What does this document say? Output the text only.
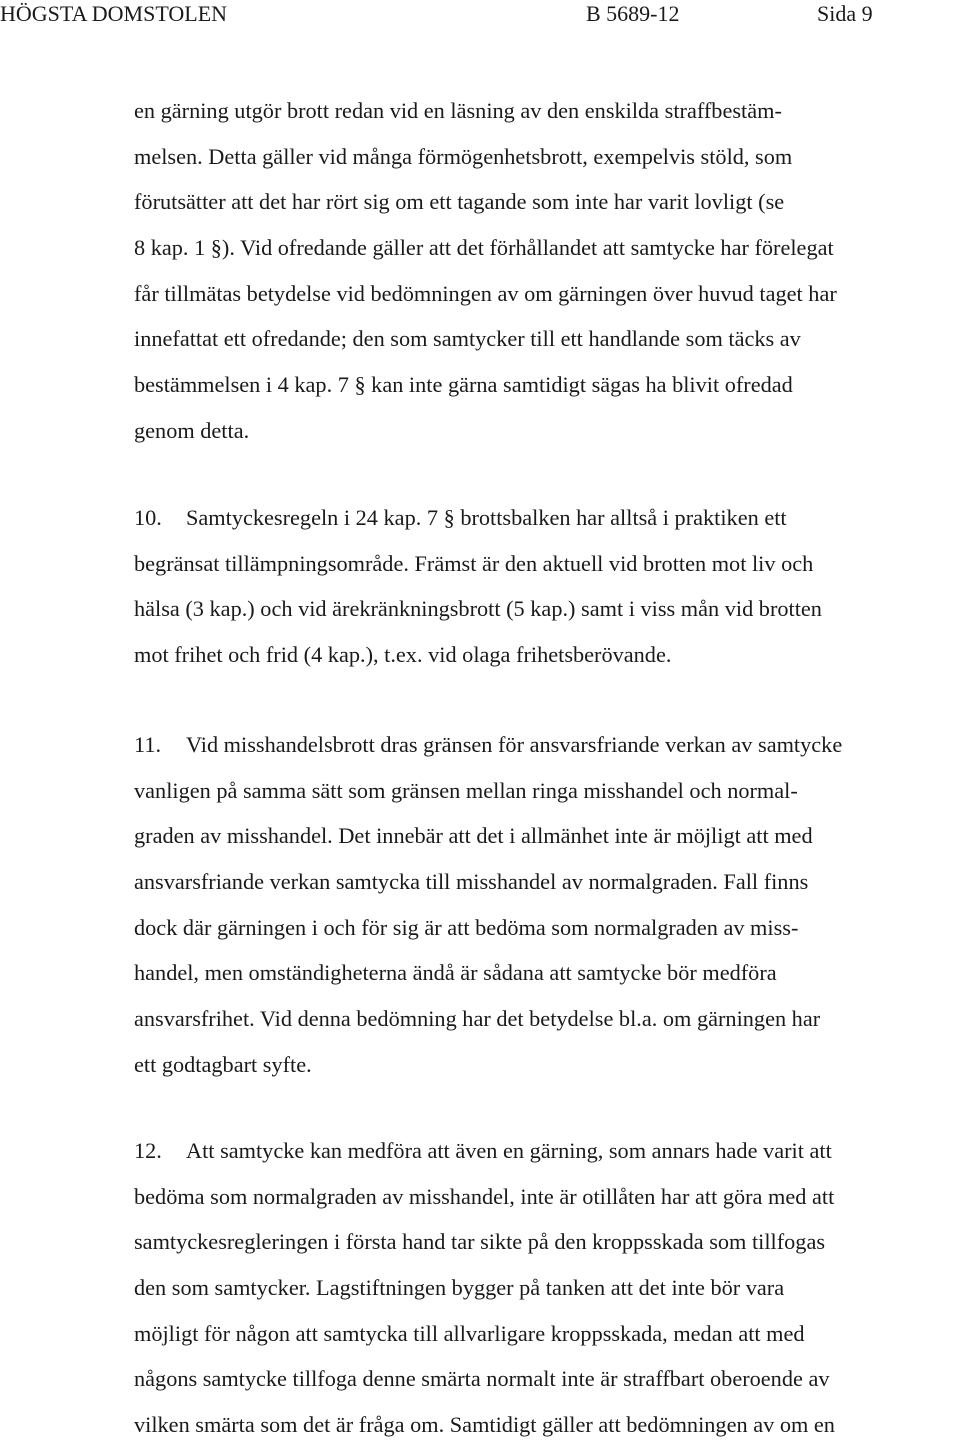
HÖGSTA DOMSTOLEN	B 5689-12	Sida 9
en gärning utgör brott redan vid en läsning av den enskilda straffbestäm-
melsen. Detta gäller vid många förmögenhetsbrott, exempelvis stöld, som
förutsätter att det har rört sig om ett tagande som inte har varit lovligt (se
8 kap. 1 §). Vid ofredande gäller att det förhållandet att samtycke har förelegat
får tillmätas betydelse vid bedömningen av om gärningen över huvud taget har
innefattat ett ofredande; den som samtycker till ett handlande som täcks av
bestämmelsen i 4 kap. 7 § kan inte gärna samtidigt sägas ha blivit ofredad
genom detta.
10. Samtyckesregeln i 24 kap. 7 § brottsbalken har alltså i praktiken ett
begränsat tillämpningsområde. Främst är den aktuell vid brotten mot liv och
hälsa (3 kap.) och vid ärekränkningsbrott (5 kap.) samt i viss mån vid brotten
mot frihet och frid (4 kap.), t.ex. vid olaga frihetsberövande.
11. Vid misshandelsbrott dras gränsen för ansvarsfriande verkan av samtycke
vanligen på samma sätt som gränsen mellan ringa misshandel och normal-
graden av misshandel. Det innebär att det i allmänhet inte är möjligt att med
ansvarsfriande verkan samtycka till misshandel av normalgraden. Fall finns
dock där gärningen i och för sig är att bedöma som normalgraden av miss-
handel, men omständigheterna ändå är sådana att samtycke bör medföra
ansvarsfrihet. Vid denna bedömning har det betydelse bl.a. om gärningen har
ett godtagbart syfte.
12. Att samtycke kan medföra att även en gärning, som annars hade varit att
bedöma som normalgraden av misshandel, inte är otillåten har att göra med att
samtyckesregleringen i första hand tar sikte på den kroppsskada som tillfogas
den som samtycker. Lagstiftningen bygger på tanken att det inte bör vara
möjligt för någon att samtycka till allvarligare kroppsskada, medan att med
någons samtycke tillfoga denne smärta normalt inte är straffbart oberoende av
vilken smärta som det är fråga om. Samtidigt gäller att bedömningen av om en
